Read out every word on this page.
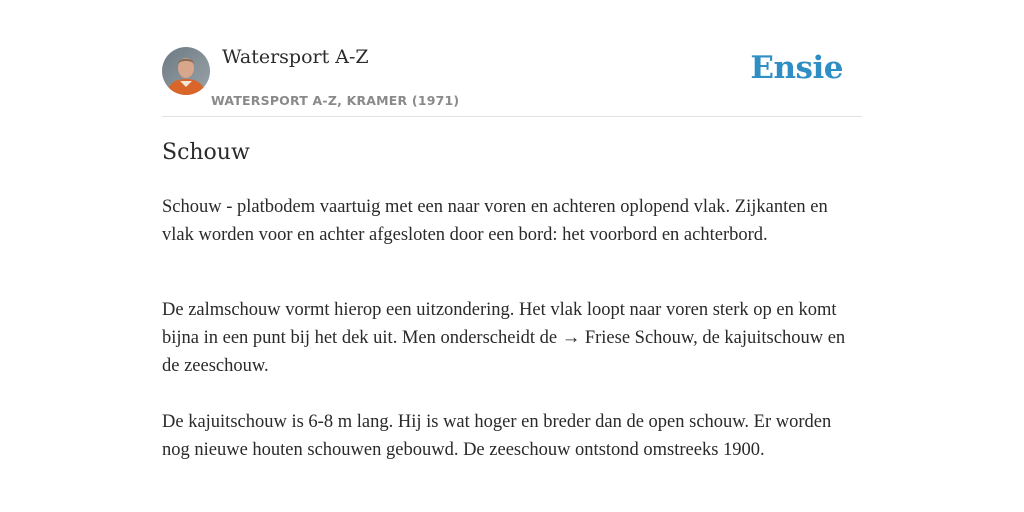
Watersport A-Z
WATERSPORT A-Z, KRAMER (1971)
Ensie
Schouw

Schouw - platbodem vaartuig met een naar voren en achteren oplopend vlak. Zijkanten en vlak worden voor en achter afgesloten door een bord: het voorbord en achterbord.

De zalmschouw vormt hierop een uitzondering. Het vlak loopt naar voren sterk op en komt bijna in een punt bij het dek uit. Men onderscheidt de → Friese Schouw, de kajuitschouw en de zeeschouw.

De kajuitschouw is 6-8 m lang. Hij is wat hoger en breder dan de open schouw. Er worden nog nieuwe houten schouwen gebouwd. De zeeschouw ontstond omstreeks 1900.
